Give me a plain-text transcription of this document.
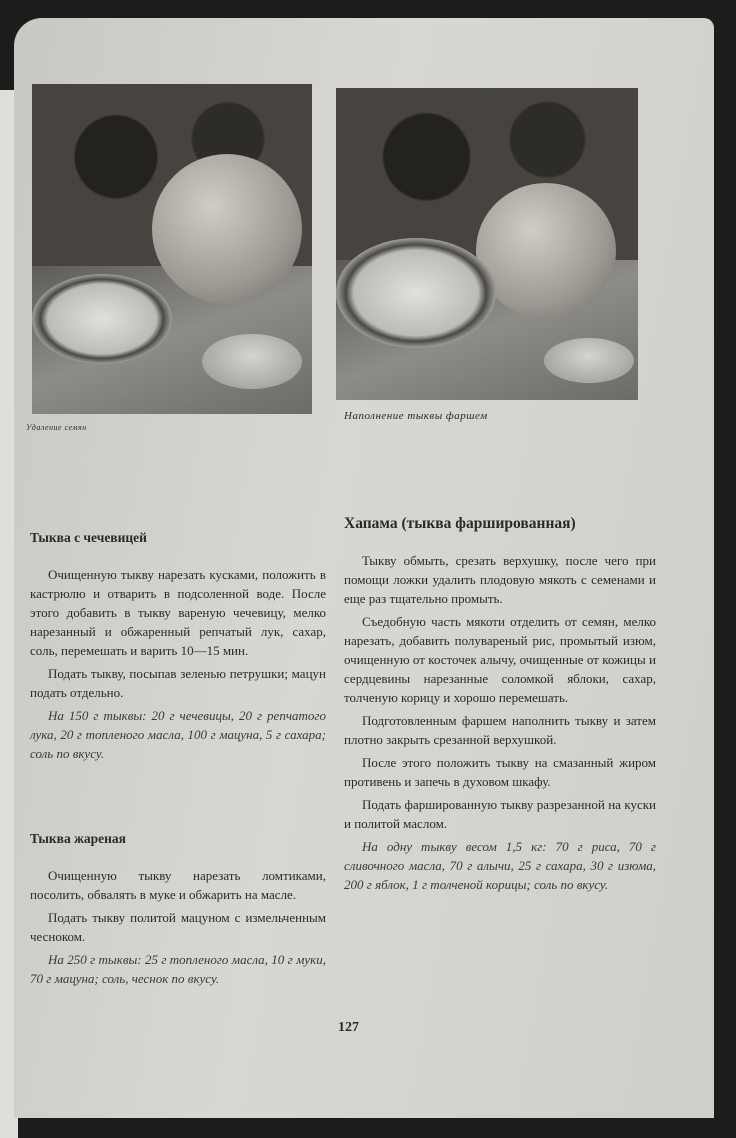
Удаление семян
Наполнение тыквы фаршем
Тыква с чечевицей

Очищенную тыкву нарезать кусками, положить в кастрюлю и отварить в подсоленной воде. После этого добавить в тыкву вареную чечевицу, мелко нарезанный и обжаренный репчатый лук, сахар, соль, перемешать и варить 10—15 мин.

Подать тыкву, посыпав зеленью петрушки; мацун подать отдельно.

На 150 г тыквы: 20 г чечевицы, 20 г репчатого лука, 20 г топленого масла, 100 г мацуна, 5 г сахара; соль по вкусу.

Тыква жареная

Очищенную тыкву нарезать ломтиками, посолить, обвалять в муке и обжарить на масле.

Подать тыкву политой мацуном с измельченным чесноком.

На 250 г тыквы: 25 г топленого масла, 10 г муки, 70 г мацуна; соль, чеснок по вкусу.

Хапама (тыква фаршированная)

Тыкву обмыть, срезать верхушку, после чего при помощи ложки удалить плодовую мякоть с семенами и еще раз тщательно промыть.

Съедобную часть мякоти отделить от семян, мелко нарезать, добавить полувареный рис, промытый изюм, очищенную от косточек алычу, очищенные от кожицы и сердцевины нарезанные соломкой яблоки, сахар, толченую корицу и хорошо перемешать.

Подготовленным фаршем наполнить тыкву и затем плотно закрыть срезанной верхушкой.

После этого положить тыкву на смазанный жиром противень и запечь в духовом шкафу.

Подать фаршированную тыкву разрезанной на куски и политой маслом.

На одну тыкву весом 1,5 кг: 70 г риса, 70 г сливочного масла, 70 г алычи, 25 г сахара, 30 г изюма, 200 г яблок, 1 г толченой корицы; соль по вкусу.

127
